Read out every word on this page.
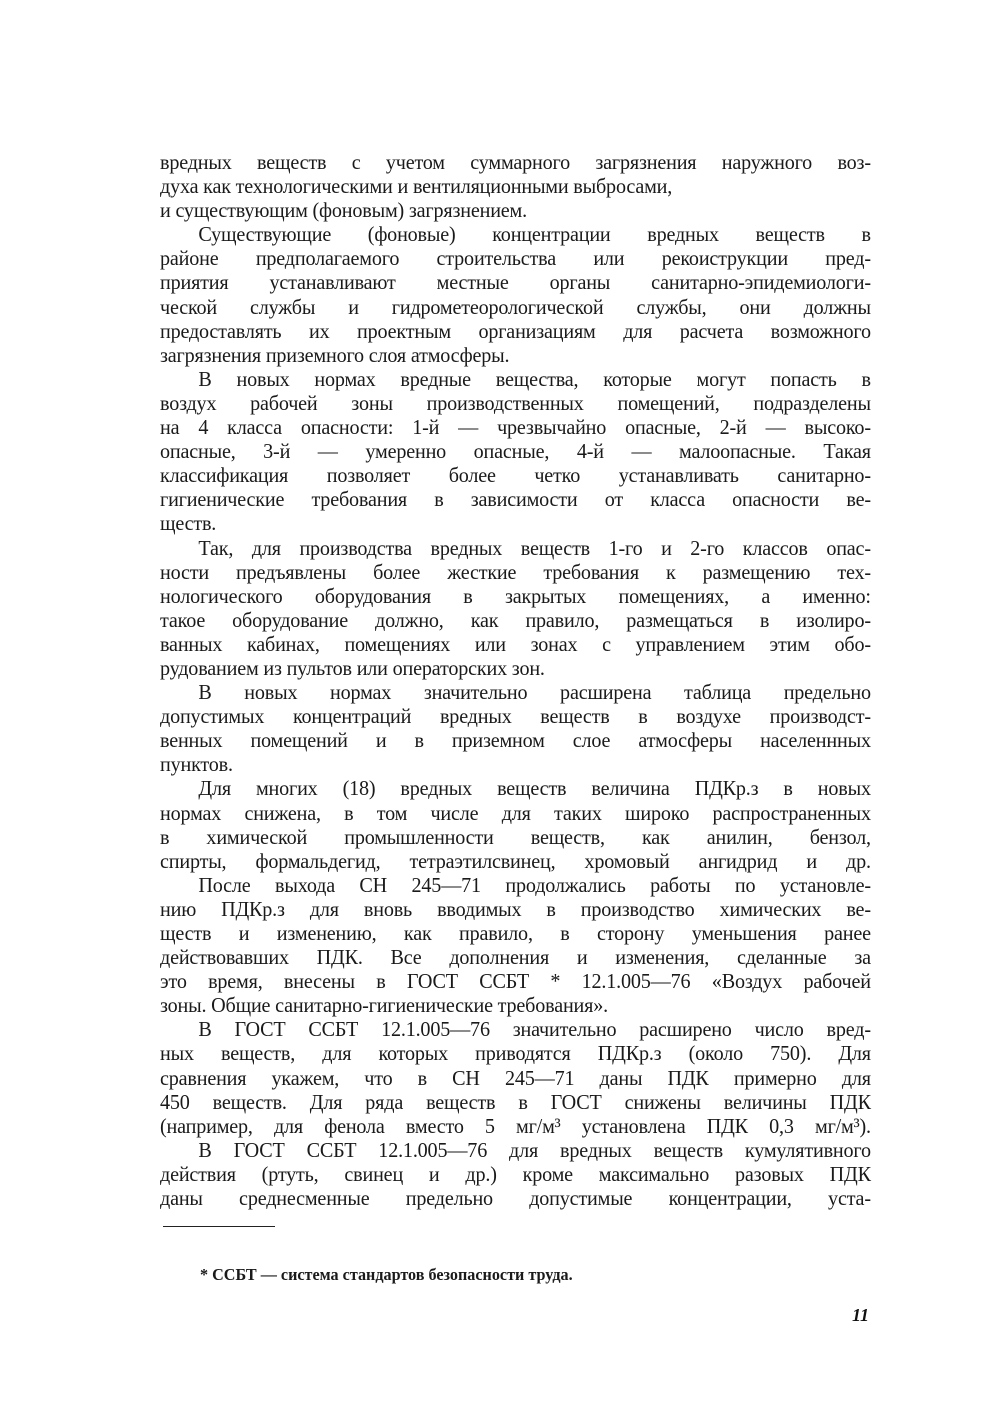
вредных веществ с учетом суммарного загрязнения наружного воз-
духа как технологическими и вентиляционными выбросами,
и существующим (фоновым) загрязнением.
Существующие (фоновые) концентрации вредных веществ в
районе предполагаемого строительства или рекоиструкции пред-
приятия устанавливают местные органы санитарно-эпидемиологи-
ческой службы и гидрометеорологической службы, они должны
предоставлять их проектным организациям для расчета возможного
загрязнения приземного слоя атмосферы.
В новых нормах вредные вещества, которые могут попасть в
воздух рабочей зоны производственных помещений, подразделены
на 4 класса опасности: 1-й — чрезвычайно опасные, 2-й — высоко-
опасные, 3-й — умеренно опасные, 4-й — малоопасные. Такая
классификация позволяет более четко устанавливать санитарно-
гигиенические требования в зависимости от класса опасности ве-
ществ.
Так, для производства вредных веществ 1-го и 2-го классов опас-
ности предъявлены более жесткие требования к размещению тех-
нологического оборудования в закрытых помещениях, а именно:
такое оборудование должно, как правило, размещаться в изолиро-
ванных кабинах, помещениях или зонах с управлением этим обо-
рудованием из пультов или операторских зон.
В новых нормах значительно расширена таблица предельно
допустимых концентраций вредных веществ в воздухе производст-
венных помещений и в приземном слое атмосферы населеннных
пунктов.
Для многих (18) вредных веществ величина ПДКр.з в новых
нормах снижена, в том числе для таких широко распространенных
в химической промышленности веществ, как анилин, бензол,
спирты, формальдегид, тетраэтилсвинец, хромовый ангидрид и др.
После выхода СН 245—71 продолжались работы по установле-
нию ПДКр.з для вновь вводимых в производство химических ве-
ществ и изменению, как правило, в сторону уменьшения ранее
действовавших ПДК. Все дополнения и изменения, сделанные за
это время, внесены в ГОСТ ССБТ * 12.1.005—76 «Воздух рабочей
зоны. Общие санитарно-гигиенические требования».
В ГОСТ ССБТ 12.1.005—76 значительно расширено число вред-
ных веществ, для которых приводятся ПДКр.з (около 750). Для
сравнения укажем, что в СН 245—71 даны ПДК примерно для
450 веществ. Для ряда веществ в ГОСТ снижены величины ПДК
(например, для фенола вместо 5 мг/м³ установлена ПДК 0,3 мг/м³).
В ГОСТ ССБТ 12.1.005—76 для вредных веществ кумулятивного
действия (ртуть, свинец и др.) кроме максимально разовых ПДК
даны среднесменные предельно допустимые концентрации, уста-
* ССБТ — система стандартов безопасности труда.
11
